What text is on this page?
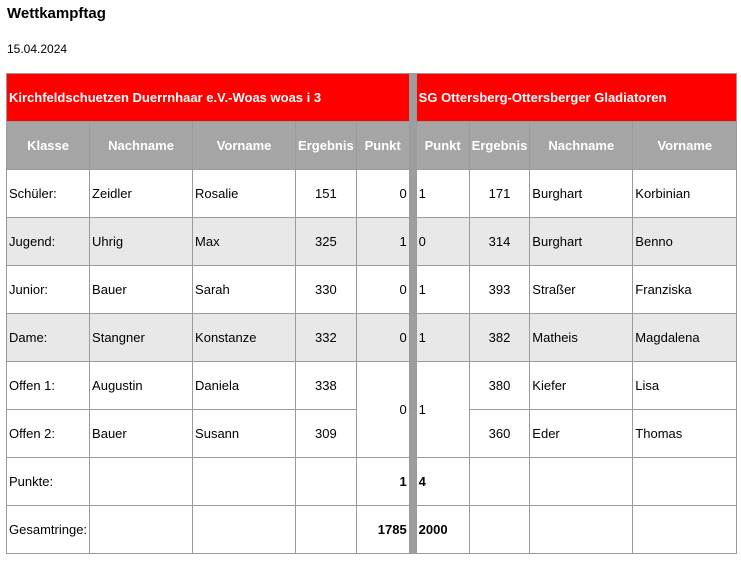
Wettkampftag
15.04.2024
Kirchfeldschuetzen Duerrnhaar e.V.-Woas woas i 3						SG Ottersberg-Ottersberger Gladiatoren			
Klasse	Nachname	Vorname	Ergebnis	Punkt		Punkt	Ergebnis	Nachname	Vorname
Schüler:	Zeidler	Rosalie	151	0		1	171	Burghart	Korbinian
Jugend:	Uhrig	Max	325	1		0	314	Burghart	Benno
Junior:	Bauer	Sarah	330	0		1	393	Straßer	Franziska
Dame:	Stangner	Konstanze	332	0		1	382	Matheis	Magdalena
Offen 1:	Augustin	Daniela	338	0		1	380	Kiefer	Lisa
Offen 2:	Bauer	Susann	309				360	Eder	Thomas
Punkte:				1		4			
Gesamtringe:				1785		2000			
